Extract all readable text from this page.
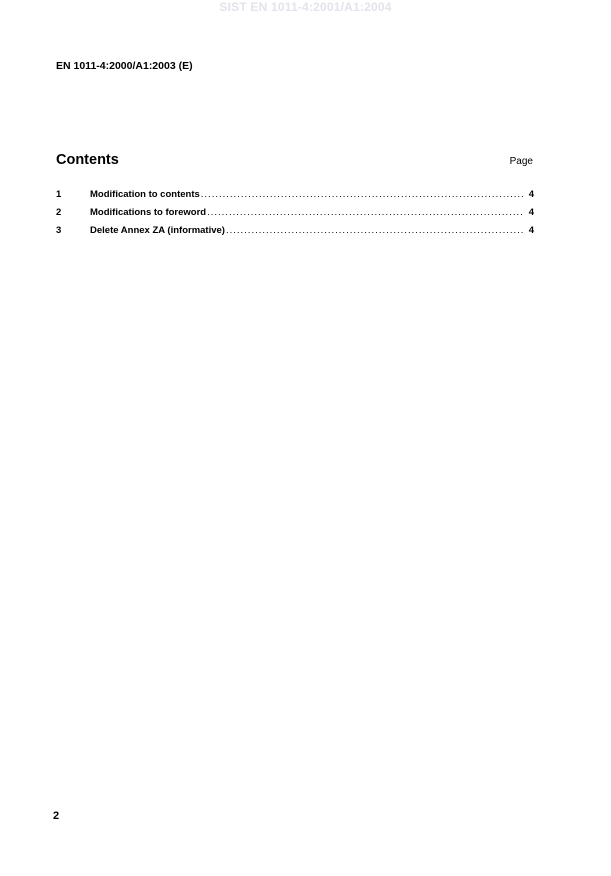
SIST EN 1011-4:2001/A1:2004
EN 1011-4:2000/A1:2003 (E)
Contents	Page
1	Modification to contents .....	4
2	Modifications to foreword .....	4
3	Delete Annex ZA (informative) .....	4
2
